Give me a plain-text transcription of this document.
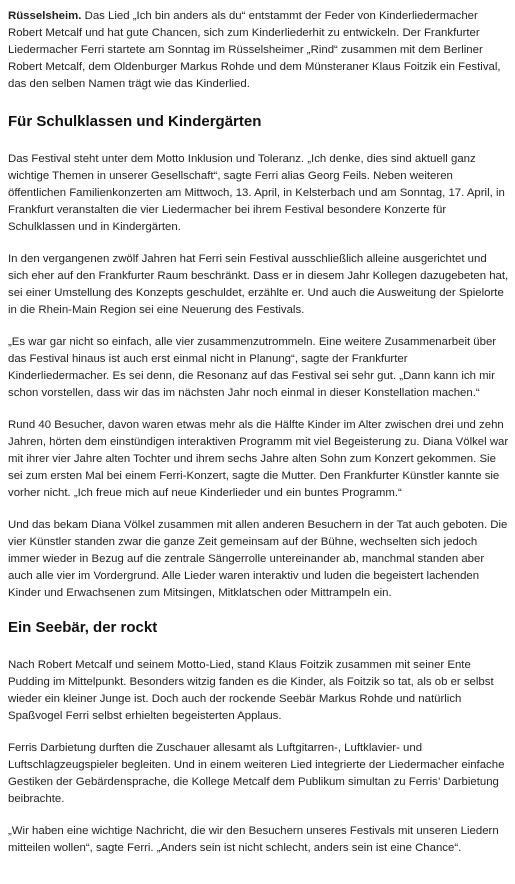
Rüsselsheim. Das Lied „Ich bin anders als du“ entstammt der Feder von Kinderliedermacher Robert Metcalf und hat gute Chancen, sich zum Kinderliederhit zu entwickeln. Der Frankfurter Liedermacher Ferri startete am Sonntag im Rüsselsheimer „Rind“ zusammen mit dem Berliner Robert Metcalf, dem Oldenburger Markus Rohde und dem Münsteraner Klaus Foitzik ein Festival, das den selben Namen trägt wie das Kinderlied.

Für Schulklassen und Kindergärten

Das Festival steht unter dem Motto Inklusion und Toleranz. „Ich denke, dies sind aktuell ganz wichtige Themen in unserer Gesellschaft“, sagte Ferri alias Georg Feils. Neben weiteren öffentlichen Familienkonzerten am Mittwoch, 13. April, in Kelsterbach und am Sonntag, 17. April, in Frankfurt veranstalten die vier Liedermacher bei ihrem Festival besondere Konzerte für Schulklassen und in Kindergärten.

In den vergangenen zwölf Jahren hat Ferri sein Festival ausschließlich alleine ausgerichtet und sich eher auf den Frankfurter Raum beschränkt. Dass er in diesem Jahr Kollegen dazugebeten hat, sei einer Umstellung des Konzepts geschuldet, erzählte er. Und auch die Ausweitung der Spielorte in die Rhein-Main Region sei eine Neuerung des Festivals.

„Es war gar nicht so einfach, alle vier zusammenzutrommeln. Eine weitere Zusammenarbeit über das Festival hinaus ist auch erst einmal nicht in Planung“, sagte der Frankfurter Kinderliedermacher. Es sei denn, die Resonanz auf das Festival sei sehr gut. „Dann kann ich mir schon vorstellen, dass wir das im nächsten Jahr noch einmal in dieser Konstellation machen.“

Rund 40 Besucher, davon waren etwas mehr als die Hälfte Kinder im Alter zwischen drei und zehn Jahren, hörten dem einstündigen interaktiven Programm mit viel Begeisterung zu. Diana Völkel war mit ihrer vier Jahre alten Tochter und ihrem sechs Jahre alten Sohn zum Konzert gekommen. Sie sei zum ersten Mal bei einem Ferri-Konzert, sagte die Mutter. Den Frankfurter Künstler kannte sie vorher nicht. „Ich freue mich auf neue Kinderlieder und ein buntes Programm.“

Und das bekam Diana Völkel zusammen mit allen anderen Besuchern in der Tat auch geboten. Die vier Künstler standen zwar die ganze Zeit gemeinsam auf der Bühne, wechselten sich jedoch immer wieder in Bezug auf die zentrale Sängerrolle untereinander ab, manchmal standen aber auch alle vier im Vordergrund. Alle Lieder waren interaktiv und luden die begeistert lachenden Kinder und Erwachsenen zum Mitsingen, Mitklatschen oder Mittrampeln ein.

Ein Seebär, der rockt

Nach Robert Metcalf und seinem Motto-Lied, stand Klaus Foitzik zusammen mit seiner Ente Pudding im Mittelpunkt. Besonders witzig fanden es die Kinder, als Foitzik so tat, als ob er selbst wieder ein kleiner Junge ist. Doch auch der rockende Seebär Markus Rohde und natürlich Spaßvogel Ferri selbst erhielten begeisterten Applaus.

Ferris Darbietung durften die Zuschauer allesamt als Luftgitarren-, Luftklavier- und Luftschlagzeugspieler begleiten. Und in einem weiteren Lied integrierte der Liedermacher einfache Gestiken der Gebärdensprache, die Kollege Metcalf dem Publikum simultan zu Ferris’ Darbietung beibrachte.

„Wir haben eine wichtige Nachricht, die wir den Besuchern unseres Festivals mit unseren Liedern mitteilen wollen“, sagte Ferri. „Anders sein ist nicht schlecht, anders sein ist eine Chance“.
